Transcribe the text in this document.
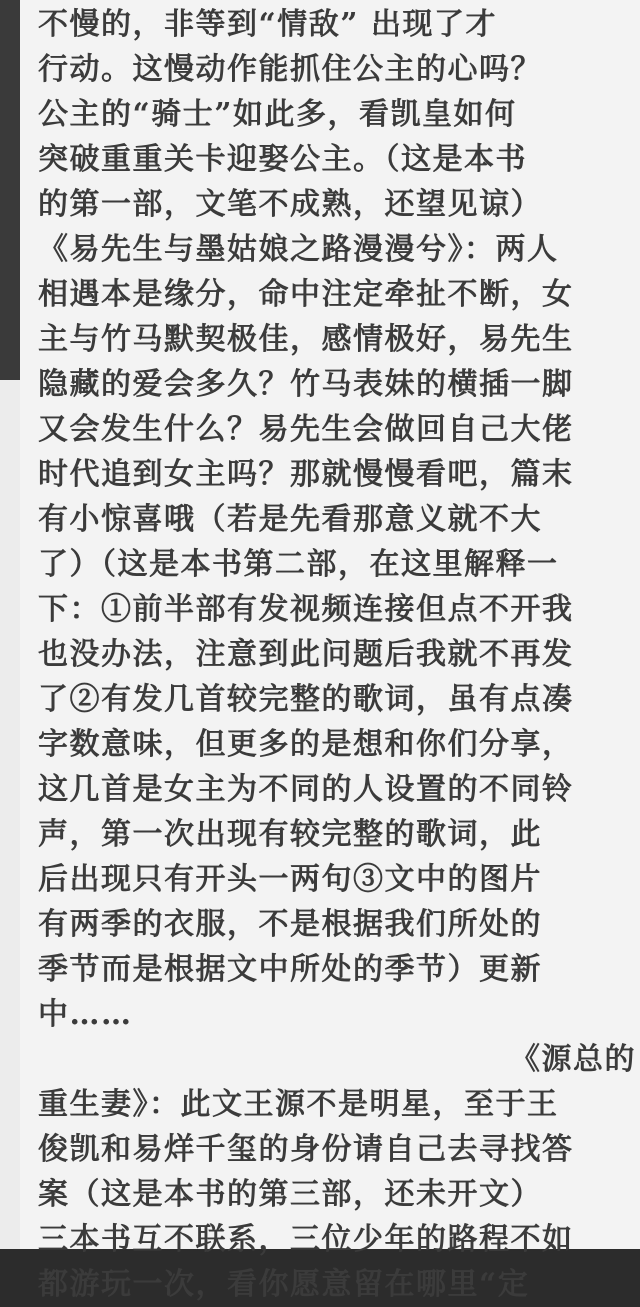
不慢的，非等到“情敌” 出现了才
行动。这慢动作能抓住公主的心吗？
公主的“骑士”如此多，看凯皇如何
突破重重关卡迎娶公主。（这是本书
的第一部，文笔不成熟，还望见谅）
《易先生与墨姑娘之路漫漫兮》：两人
相遇本是缘分，命中注定牵扯不断，女
主与竹马默契极佳，感情极好，易先生
隐藏的爱会多久？竹马表妹的横插一脚
又会发生什么？易先生会做回自己大佬
时代追到女主吗？那就慢慢看吧，篇末
有小惊喜哦（若是先看那意义就不大
了）（这是本书第二部，在这里解释一
下：①前半部有发视频连接但点不开我
也没办法，注意到此问题后我就不再发
了②有发几首较完整的歌词，虽有点凑
字数意味，但更多的是想和你们分享，
这几首是女主为不同的人设置的不同铃
声，第一次出现有较完整的歌词，此
后出现只有开头一两句③文中的图片
有两季的衣服，不是根据我们所处的
季节而是根据文中所处的季节）更新
中……
《源总的
重生妻》：此文王源不是明星，至于王
俊凯和易烊千玺的身份请自己去寻找答
案（这是本书的第三部，还未开文）
三本书互不联系，三位少年的路程不如
都游玩一次，看你愿意留在哪里“定
